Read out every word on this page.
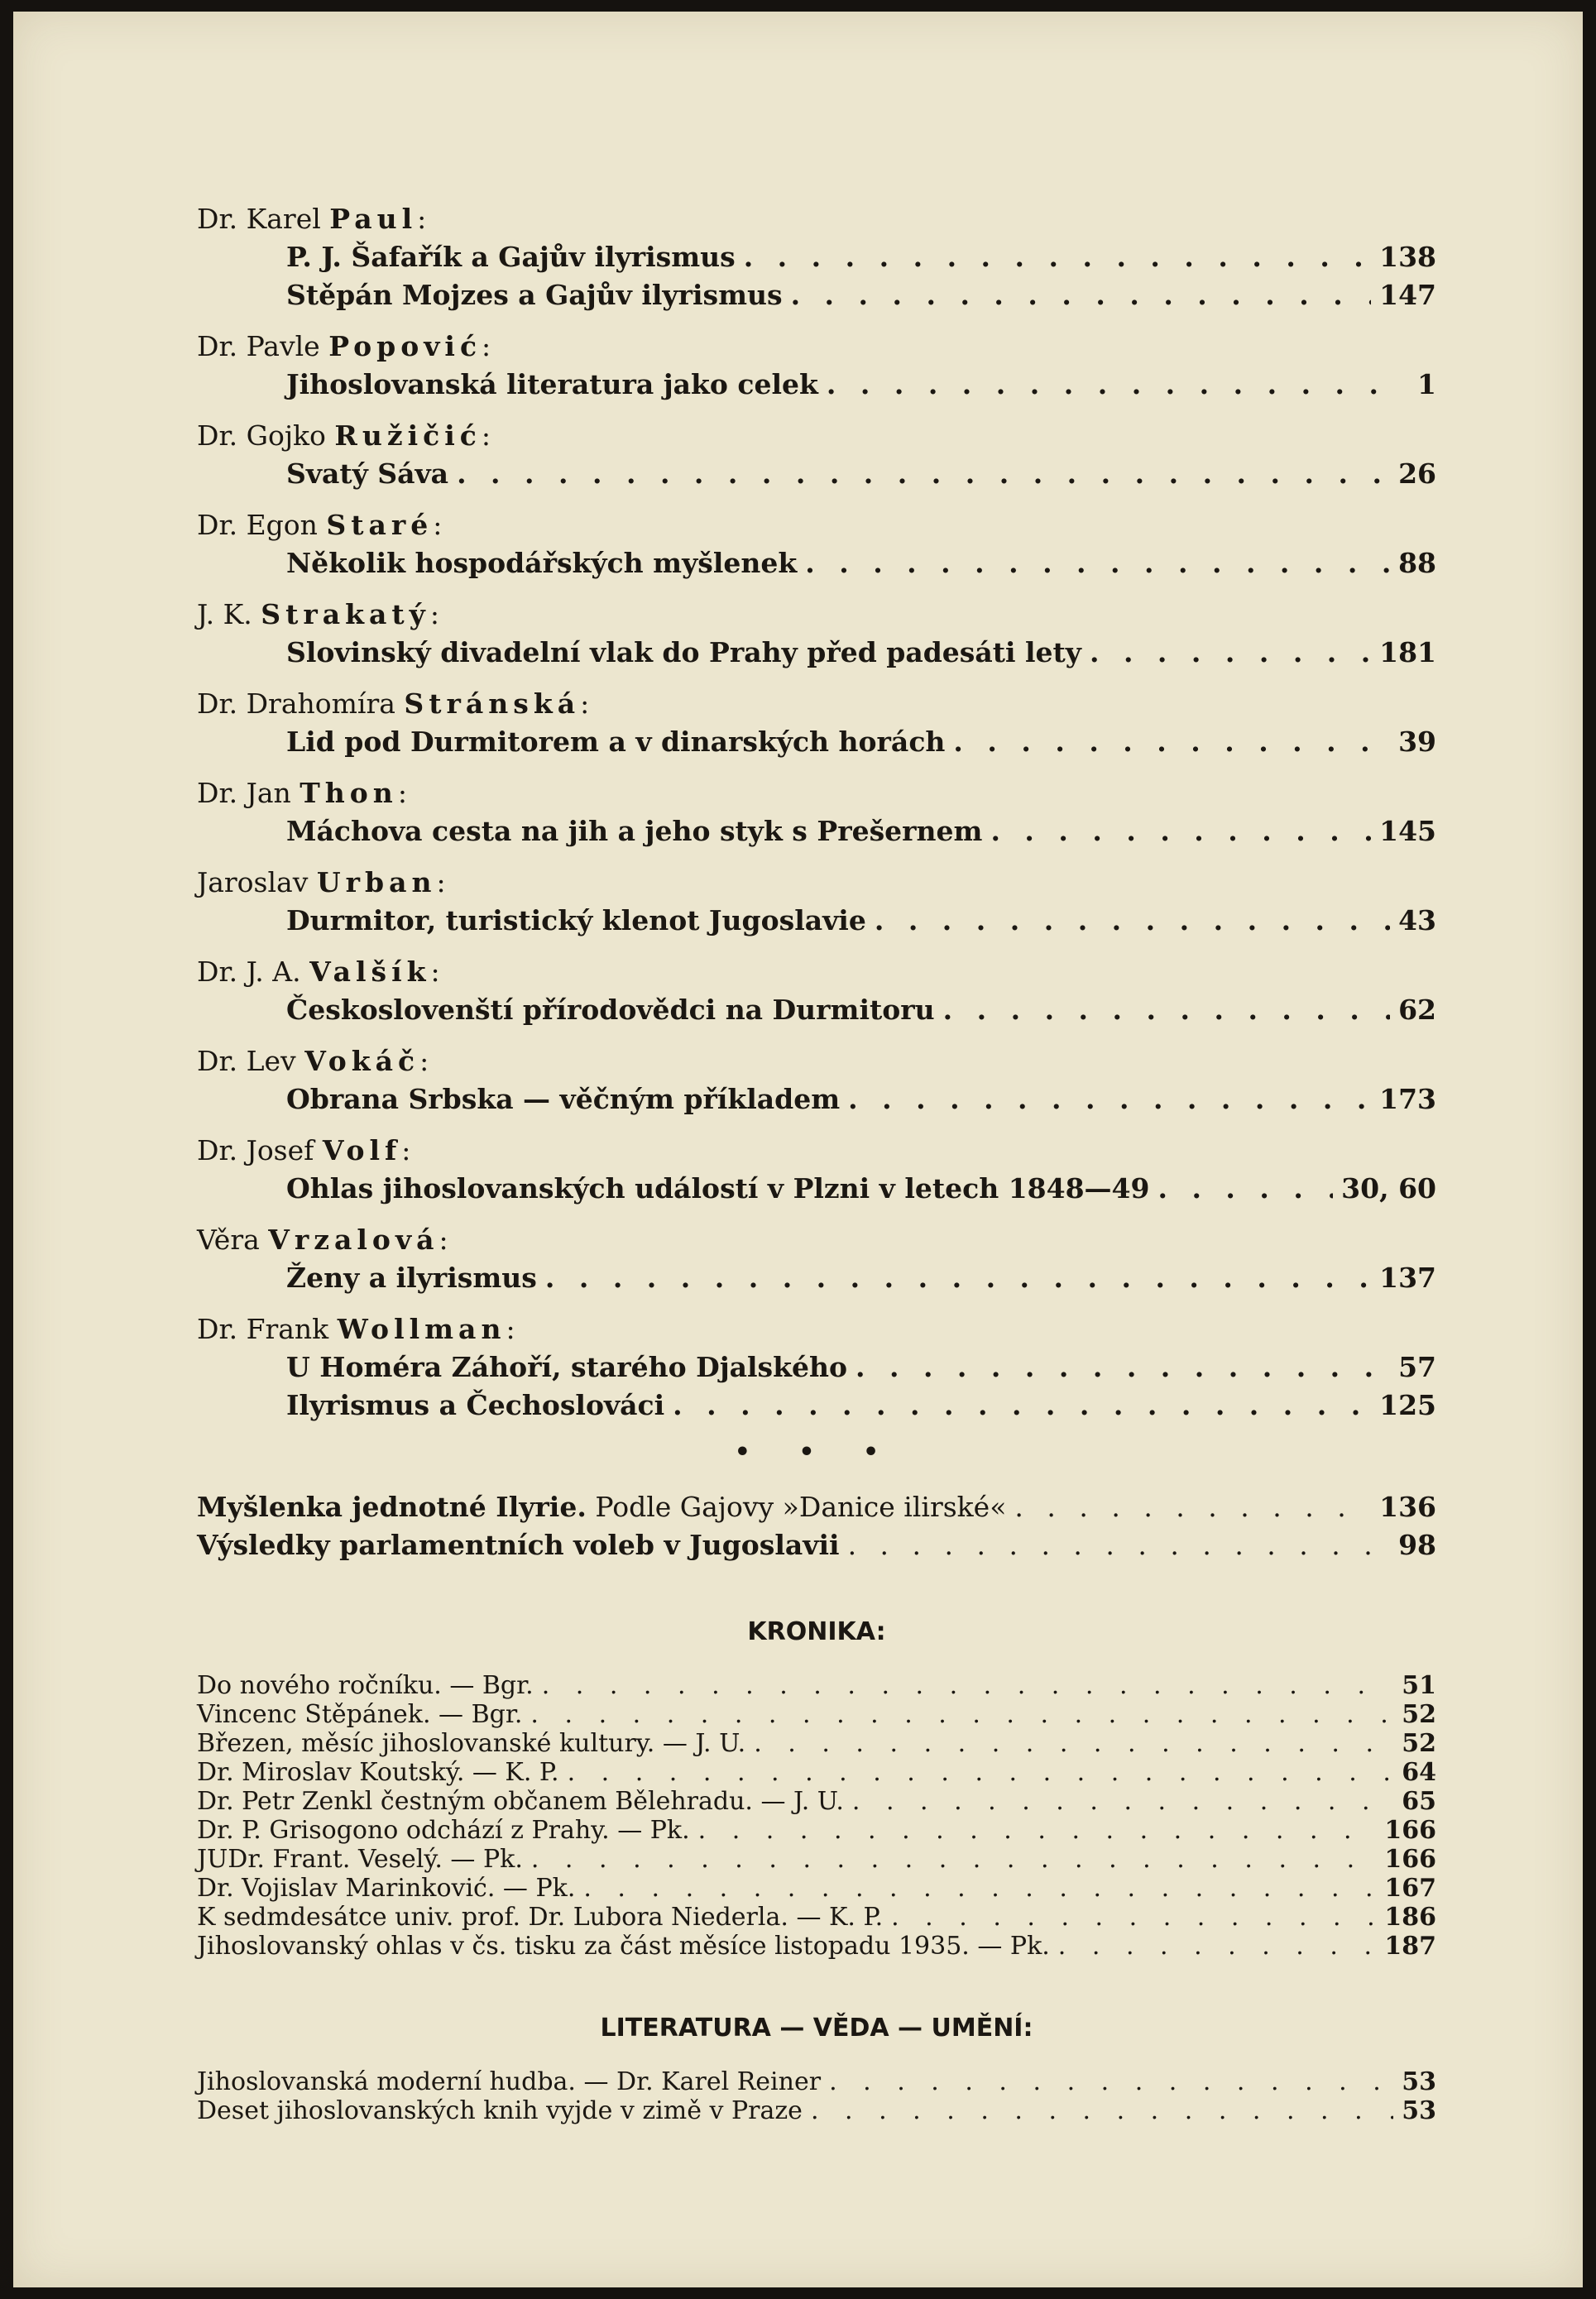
Dr. Karel Paul:
P. J. Šafařík a Gajův ilyrismus . . .	138
Stěpán Mojzes a Gajův ilyrismus . . .	147
Dr. Pavle Popović:
Jihoslovanská literatura jako celek . . .	1
Dr. Gojko Ružičić:
Svatý Sáva . . .	26
Dr. Egon Staré:
Několik hospodářských myšlenek . . .	88
J. K. Strakatý:
Slovinský divadelní vlak do Prahy před padesáti lety . . .	181
Dr. Drahomíra Stránská:
Lid pod Durmitorem a v dinarských horách . . .	39
Dr. Jan Thon:
Máchova cesta na jih a jeho styk s Prešernem . . .	145
Jaroslav Urban:
Durmitor, turistický klenot Jugoslavie . . .	43
Dr. J. A. Valšík:
Českoslovenští přírodovědci na Durmitoru . . .	62
Dr. Lev Vokáč:
Obrana Srbska — věčným příkladem . . .	173
Dr. Josef Volf:
Ohlas jihoslovanských událostí v Plzni v letech 1848—49 . . .	30, 60
Věra Vrzalová:
Ženy a ilyrismus . . .	137
Dr. Frank Wollman:
U Homéra Záhoří, starého Djalského . . .	57
Ilyrismus a Čechoslováci . . .	125
• • •
Myšlenka jednotné Ilyrie. Podle Gajovy »Danice ilirské« . . .	136
Výsledky parlamentních voleb v Jugoslavii . . .	98
KRONIKA:
Do nového ročníku. — Bgr. . . .	51
Vincenc Stěpánek. — Bgr. . . .	52
Březen, měsíc jihoslovanské kultury. — J. U. . . .	52
Dr. Miroslav Koutský. — K. P. . . .	64
Dr. Petr Zenkl čestným občanem Bělehradu. — J. U. . . .	65
Dr. P. Grisogono odchází z Prahy. — Pk. . . .	166
JUDr. Frant. Veselý. — Pk. . . .	166
Dr. Vojislav Marinković. — Pk. . . .	167
K sedmdesátce univ. prof. Dr. Lubora Niederla. — K. P. . . .	186
Jihoslovanský ohlas v čs. tisku za část měsíce listopadu 1935. — Pk. . . .	187
LITERATURA — VĚDA — UMĚNÍ:
Jihoslovanská moderní hudba. — Dr. Karel Reiner . . .	53
Deset jihoslovanských knih vyjde v zimě v Praze . . .	53
